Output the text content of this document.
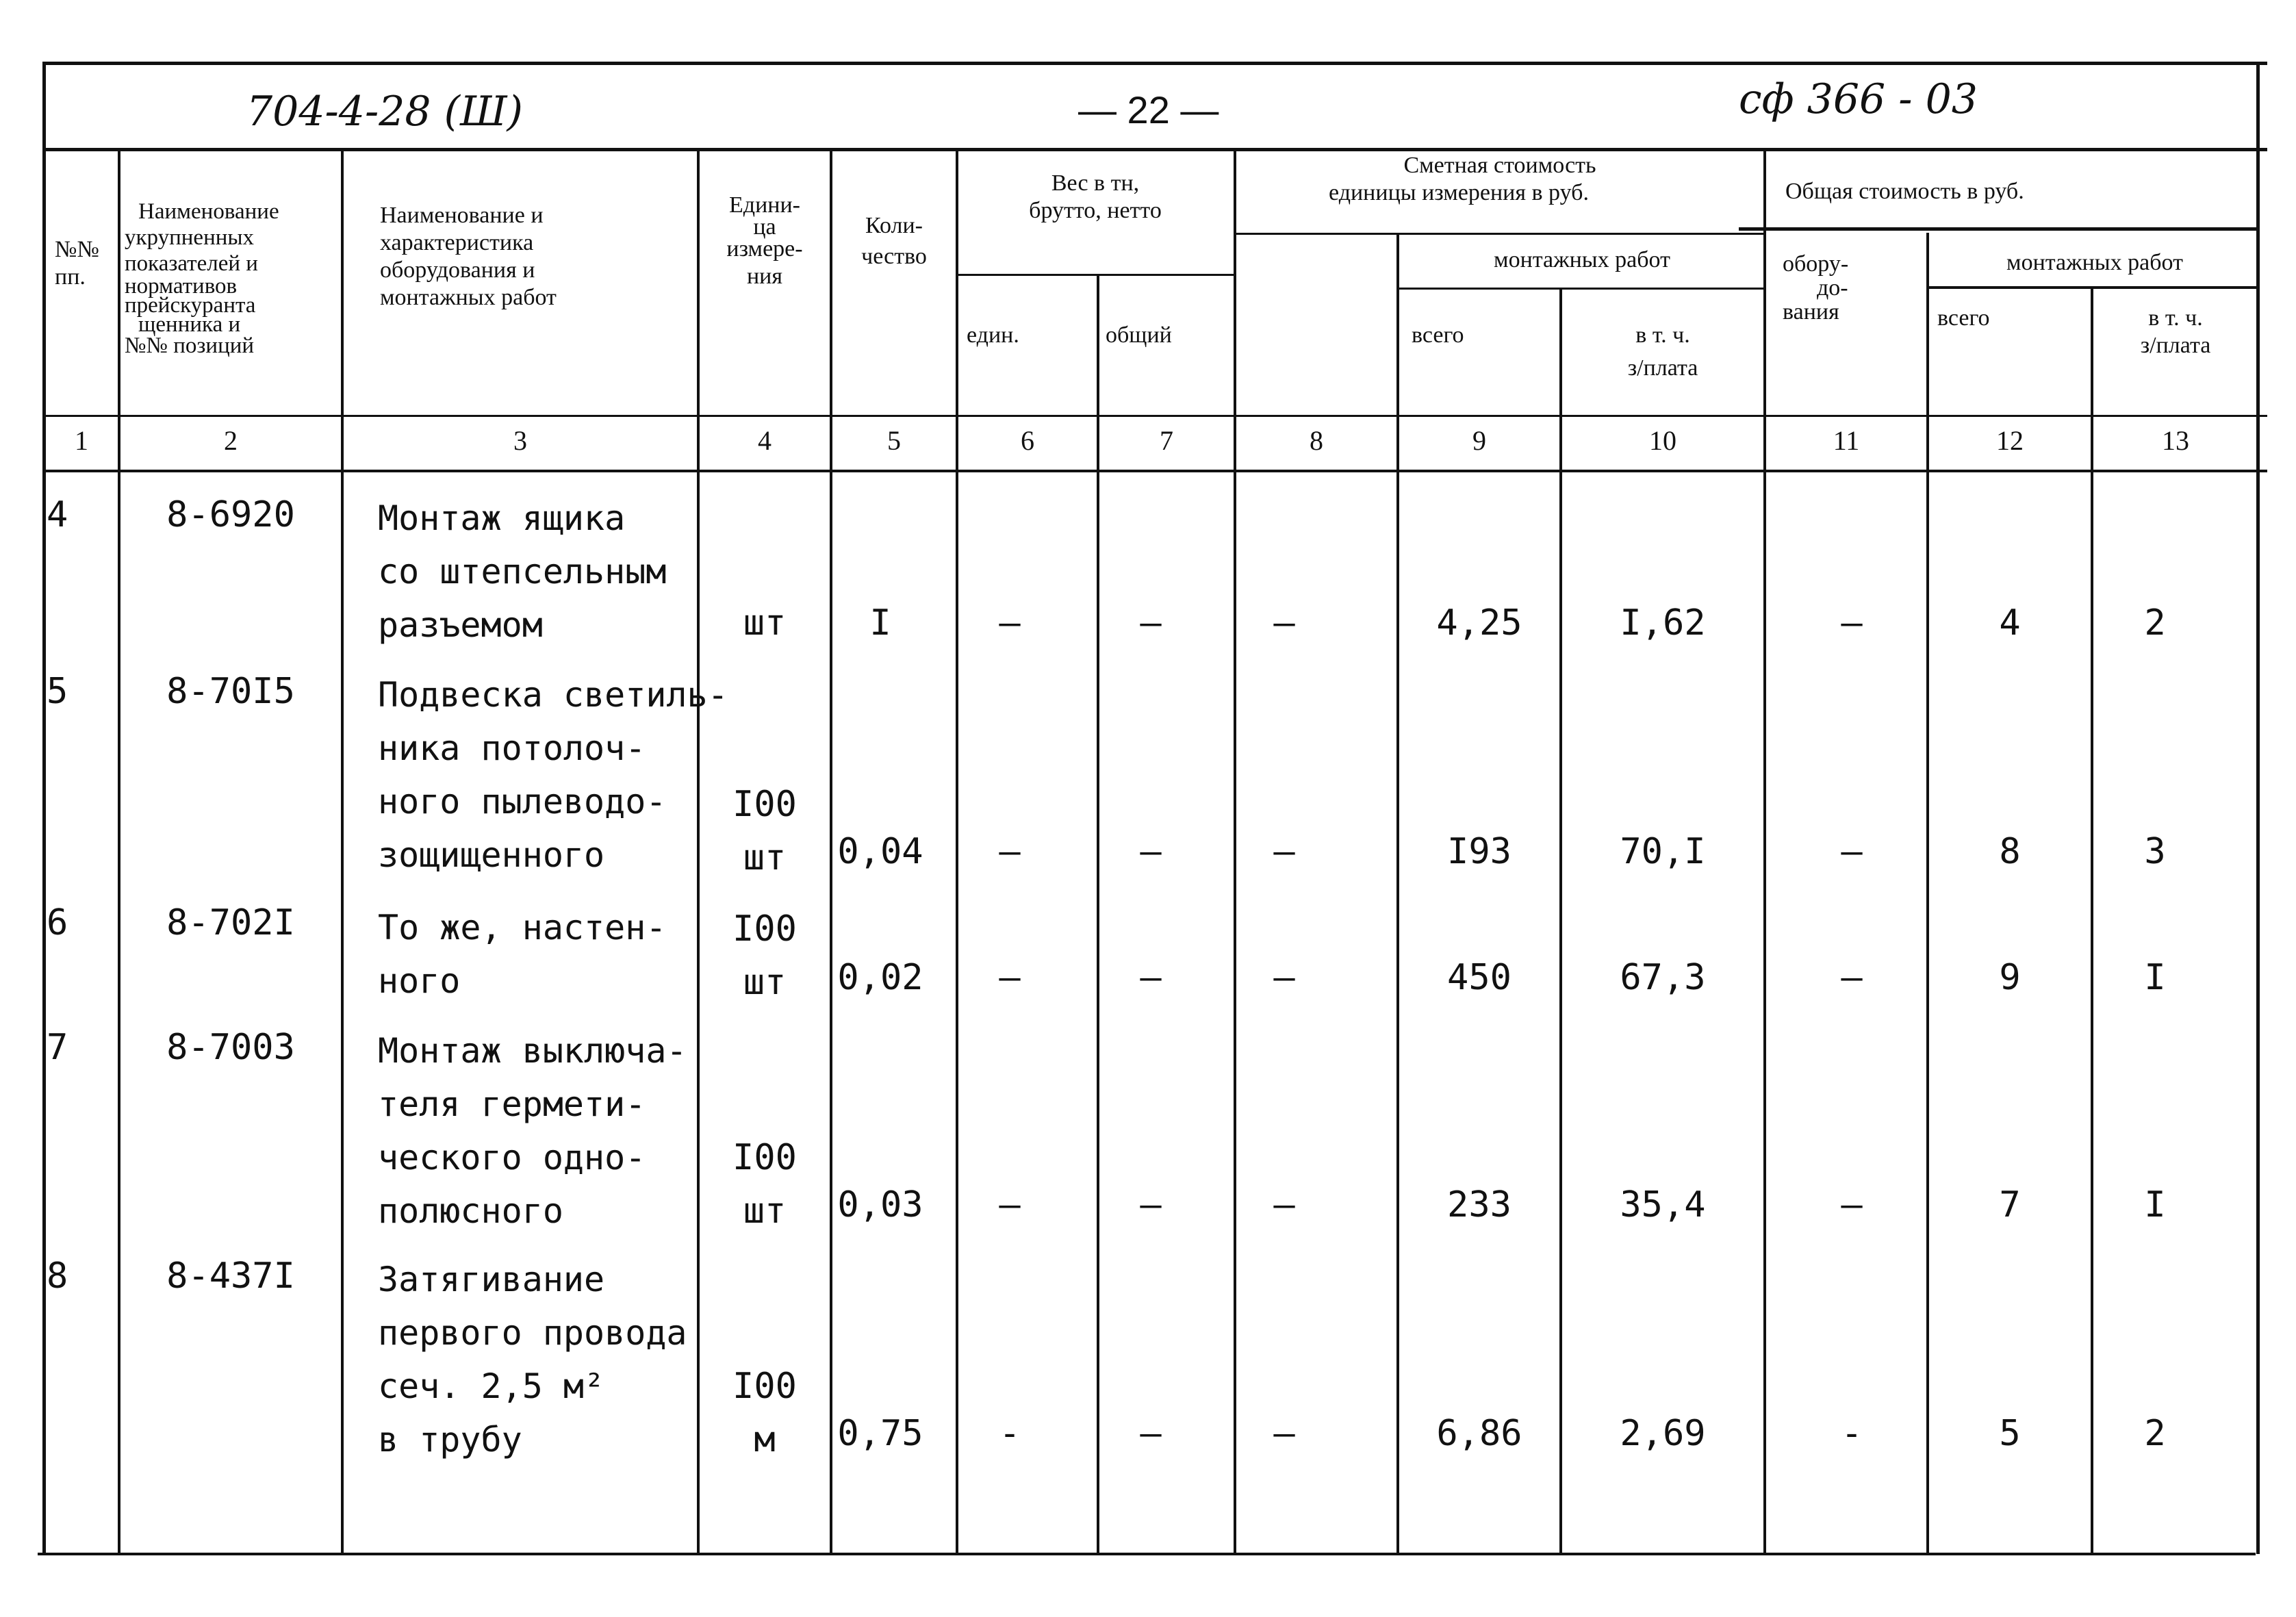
704-4-28 (Ш)	— 22 —	сф 366 - 03
№№ пп.
Наименование
укрупненных
показателей и
нормативов
прейскуранта
щенника и
№№ позиций
Наименование и
характеристика
оборудования и
монтажных работ
Едини-
ца
измере-
ния
Коли-
чество
Вес в тн,
брутто, нетто
един.	общий
Сметная стоимость
единицы измерения в руб.
монтажных работ
всего	в т. ч.
з/плата
Общая стоимость в руб.
обору-
до-
вания
монтажных работ
всего	в т. ч.
з/плата
1	2	3	4	5	6	7	8	9	10	11	12	13
4	8-6920	Монтаж ящика
со штепсельным
разъемом	шт	I	–	–	–	4,25	I,62	–	4	2
5	8-70I5	Подвеска светиль-
ника потолоч-
ного пылеводо-
зощищенного
I00
шт	0,04	–	–	–	I93	70,I	–	8	3
6	8-702I	То же, настен-
ного
I00
шт	0,02	–	–	–	450	67,3	–	9	I
7	8-7003	Монтаж выключа-
теля гермети-
ческого одно-
полюсного
I00
шт	0,03	–	–	–	233	35,4	–	7	I
8	8-437I	Затягивание
первого провода
сеч. 2,5 м²
в трубу
I00
м	0,75	-	–	–	6,86	2,69	-	5	2
